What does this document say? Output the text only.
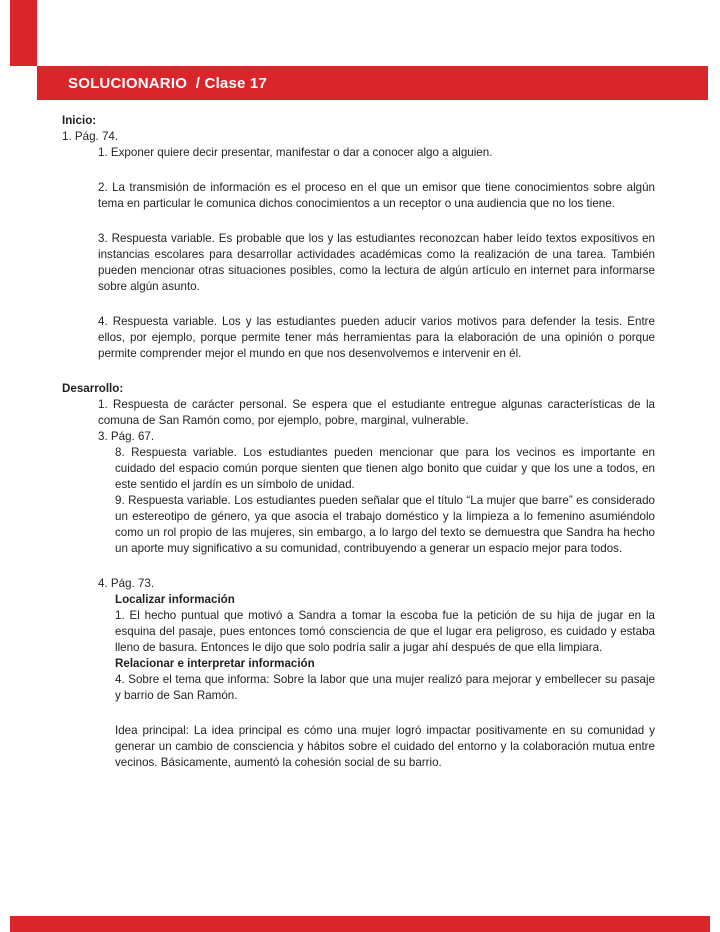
SOLUCIONARIO  / Clase 17
Inicio:
1. Pág. 74.
1. Exponer quiere decir presentar, manifestar o dar a conocer algo a alguien.
2. La transmisión de información es el proceso en el que un emisor que tiene conocimientos sobre algún tema en particular le comunica dichos conocimientos a un receptor o una audiencia que no los tiene.
3. Respuesta variable. Es probable que los y las estudiantes reconozcan haber leído textos expositivos en instancias escolares para desarrollar actividades académicas como la realización de una tarea. También pueden mencionar otras situaciones posibles, como la lectura de algún artículo en internet para informarse sobre algún asunto.
4. Respuesta variable. Los y las estudiantes pueden aducir varios motivos para defender la tesis. Entre ellos, por ejemplo, porque permite tener más herramientas para la elaboración de una opinión o porque permite comprender mejor el mundo en que nos desenvolvemos e intervenir en él.
Desarrollo:
1. Respuesta de carácter personal. Se espera que el estudiante entregue algunas características de la comuna de San Ramón como, por ejemplo, pobre, marginal, vulnerable.
3. Pág. 67.
8. Respuesta variable. Los estudiantes pueden mencionar que para los vecinos es importante en cuidado del espacio común porque sienten que tienen algo bonito que cuidar y que los une a todos, en este sentido el jardín es un símbolo de unidad.
9. Respuesta variable. Los estudiantes pueden señalar que el título “La mujer que barre” es considerado un estereotipo de género, ya que asocia el trabajo doméstico y la limpieza a lo femenino asumiéndolo como un rol propio de las mujeres, sin embargo, a lo largo del texto se demuestra que Sandra ha hecho un aporte muy significativo a su comunidad, contribuyendo a generar un espacio mejor para todos.
4. Pág. 73.
Localizar información
1. El hecho puntual que motivó a Sandra a tomar la escoba fue la petición de su hija de jugar en la esquina del pasaje, pues entonces tomó consciencia de que el lugar era peligroso, es cuidado y estaba lleno de basura. Entonces le dijo que solo podría salir a jugar ahí después de que ella limpiara.
Relacionar e interpretar información
4. Sobre el tema que informa: Sobre la labor que una mujer realizó para mejorar y embellecer su pasaje y barrio de San Ramón.
Idea principal: La idea principal es cómo una mujer logró impactar positivamente en su comunidad y generar un cambio de consciencia y hábitos sobre el cuidado del entorno y la colaboración mutua entre vecinos. Básicamente, aumentó la cohesión social de su barrio.
